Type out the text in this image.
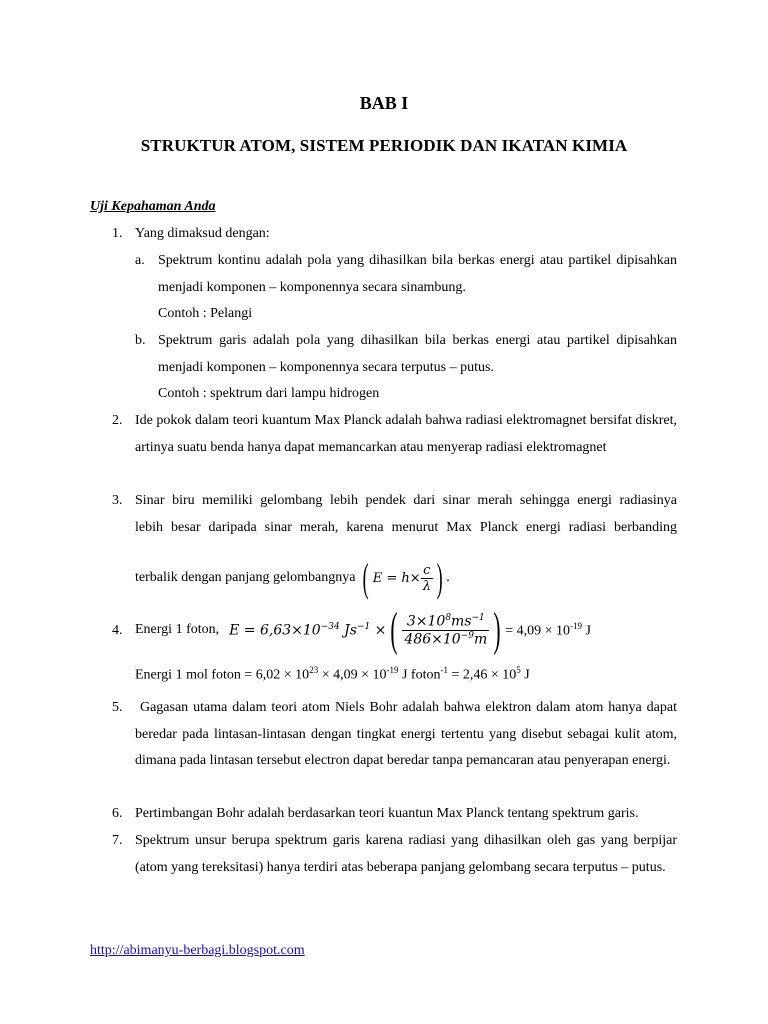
BAB I
STRUKTUR ATOM, SISTEM PERIODIK DAN IKATAN KIMIA
Uji Kepahaman Anda
1. Yang dimaksud dengan:
a. Spektrum kontinu adalah pola yang dihasilkan bila berkas energi atau partikel dipisahkan menjadi komponen – komponennya secara sinambung.
Contoh : Pelangi
b. Spektrum garis adalah pola yang dihasilkan bila berkas energi atau partikel dipisahkan menjadi komponen – komponennya secara terputus – putus.
Contoh : spektrum dari lampu hidrogen
2. Ide pokok dalam teori kuantum Max Planck adalah bahwa radiasi elektromagnet bersifat diskret, artinya suatu benda hanya dapat memancarkan atau menyerap radiasi elektromagnet
3. Sinar biru memiliki gelombang lebih pendek dari sinar merah sehingga energi radiasinya
lebih besar daripada sinar merah, karena menurut Max Planck energi radiasi berbanding
terbalik dengan panjang gelombangnya ( $E = h\times \frac{c}{\lambda}$ ) .
4. Energi 1 foton, $E = 6,63\times 10^{-34}$ $Js^{-1}$ × ( $\frac{3\times 10^8ms^{-1}}{486\times 10^{-9}m}$ ) = $4,09 \times 10^{-19}$ J
Energi 1 mol foton = $6,02 \times 10^{23} \times 4,09 \times 10^{-19}$ J foton$^{-1}$ = $2,46 \times 10^5$ J
5. Gagasan utama dalam teori atom Niels Bohr adalah bahwa elektron dalam atom hanya dapat beredar pada lintasan-lintasan dengan tingkat energi tertentu yang disebut sebagai kulit atom, dimana pada lintasan tersebut electron dapat beredar tanpa pemancaran atau penyerapan energi.
6. Pertimbangan Bohr adalah berdasarkan teori kuantun Max Planck tentang spektrum garis.
7. Spektrum unsur berupa spektrum garis karena radiasi yang dihasilkan oleh gas yang berpijar (atom yang tereksitasi) hanya terdiri atas beberapa panjang gelombang secara terputus – putus.
http://abimanyu-berbagi.blogspot.com
